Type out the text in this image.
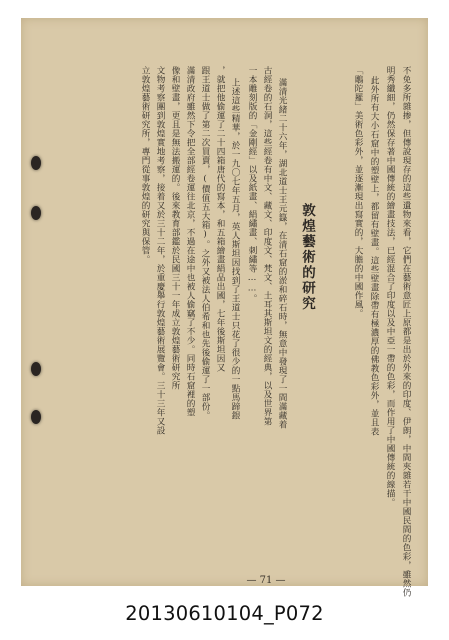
不免多所雜掺，但傳說現存的這些遺物來看，它們在藝術意匠上原都是出於外來的印度、伊朗，中間夾雜若干中國民間的色彩，雖然仍
明秀纖細，仍然保存著中國傳統的繪畫技法，已經混合了印度以及中亞一帶的色彩，而作用了中國傳統的線描。
此外所有大小石窟中的塑壁上，都留有壁畫。這些壁畫除帶有極濃厚的佛教色彩外，並且表
「鵰陀羅」美術色彩外，並逐漸現出寫實的，大膽的中國作風。
敦煌藝術的研究
滿清光緒二十六年，湖北道士王元籙，在清石窟的淤和碎石時，無意中發現了一間滿藏着
古經卷的石洞，這些經卷有中文、藏文、印度文、梵文、土耳其斯坦文的經典，以及世界第
一本雕刻版的「金剛經」以及紙畫、絹繡畫、刺繡等……。
上述這些精華，於一九〇七年五月，英人斯坦因找到了王道士只花了很少的一點馬蹄銀
，就把他偷運了二十四箱唐代的寫本，和五箱繪畫絹品出國，七年後斯坦因又
跟王道士做了第二次買賣，(價值五大箱)。之外又被法人伯希和也先後偷運了一部份。
滿清政府雖然下令把全部經卷運往北京，不過在途中也被人偷竊了不少。同時石窟裡的塑
像和壁畫，更且是無法搬運的。後來教育部鑑於民國三十一年成立敦煌藝術研究所
文物考察團到敦煌實地考察，接着又於三十二年，於重慶舉行敦煌藝術展覽會。三十三年又設
立敦煌藝術研究所，專門從事敦煌的研究與保管。
— 71 —
20130610104_P072
